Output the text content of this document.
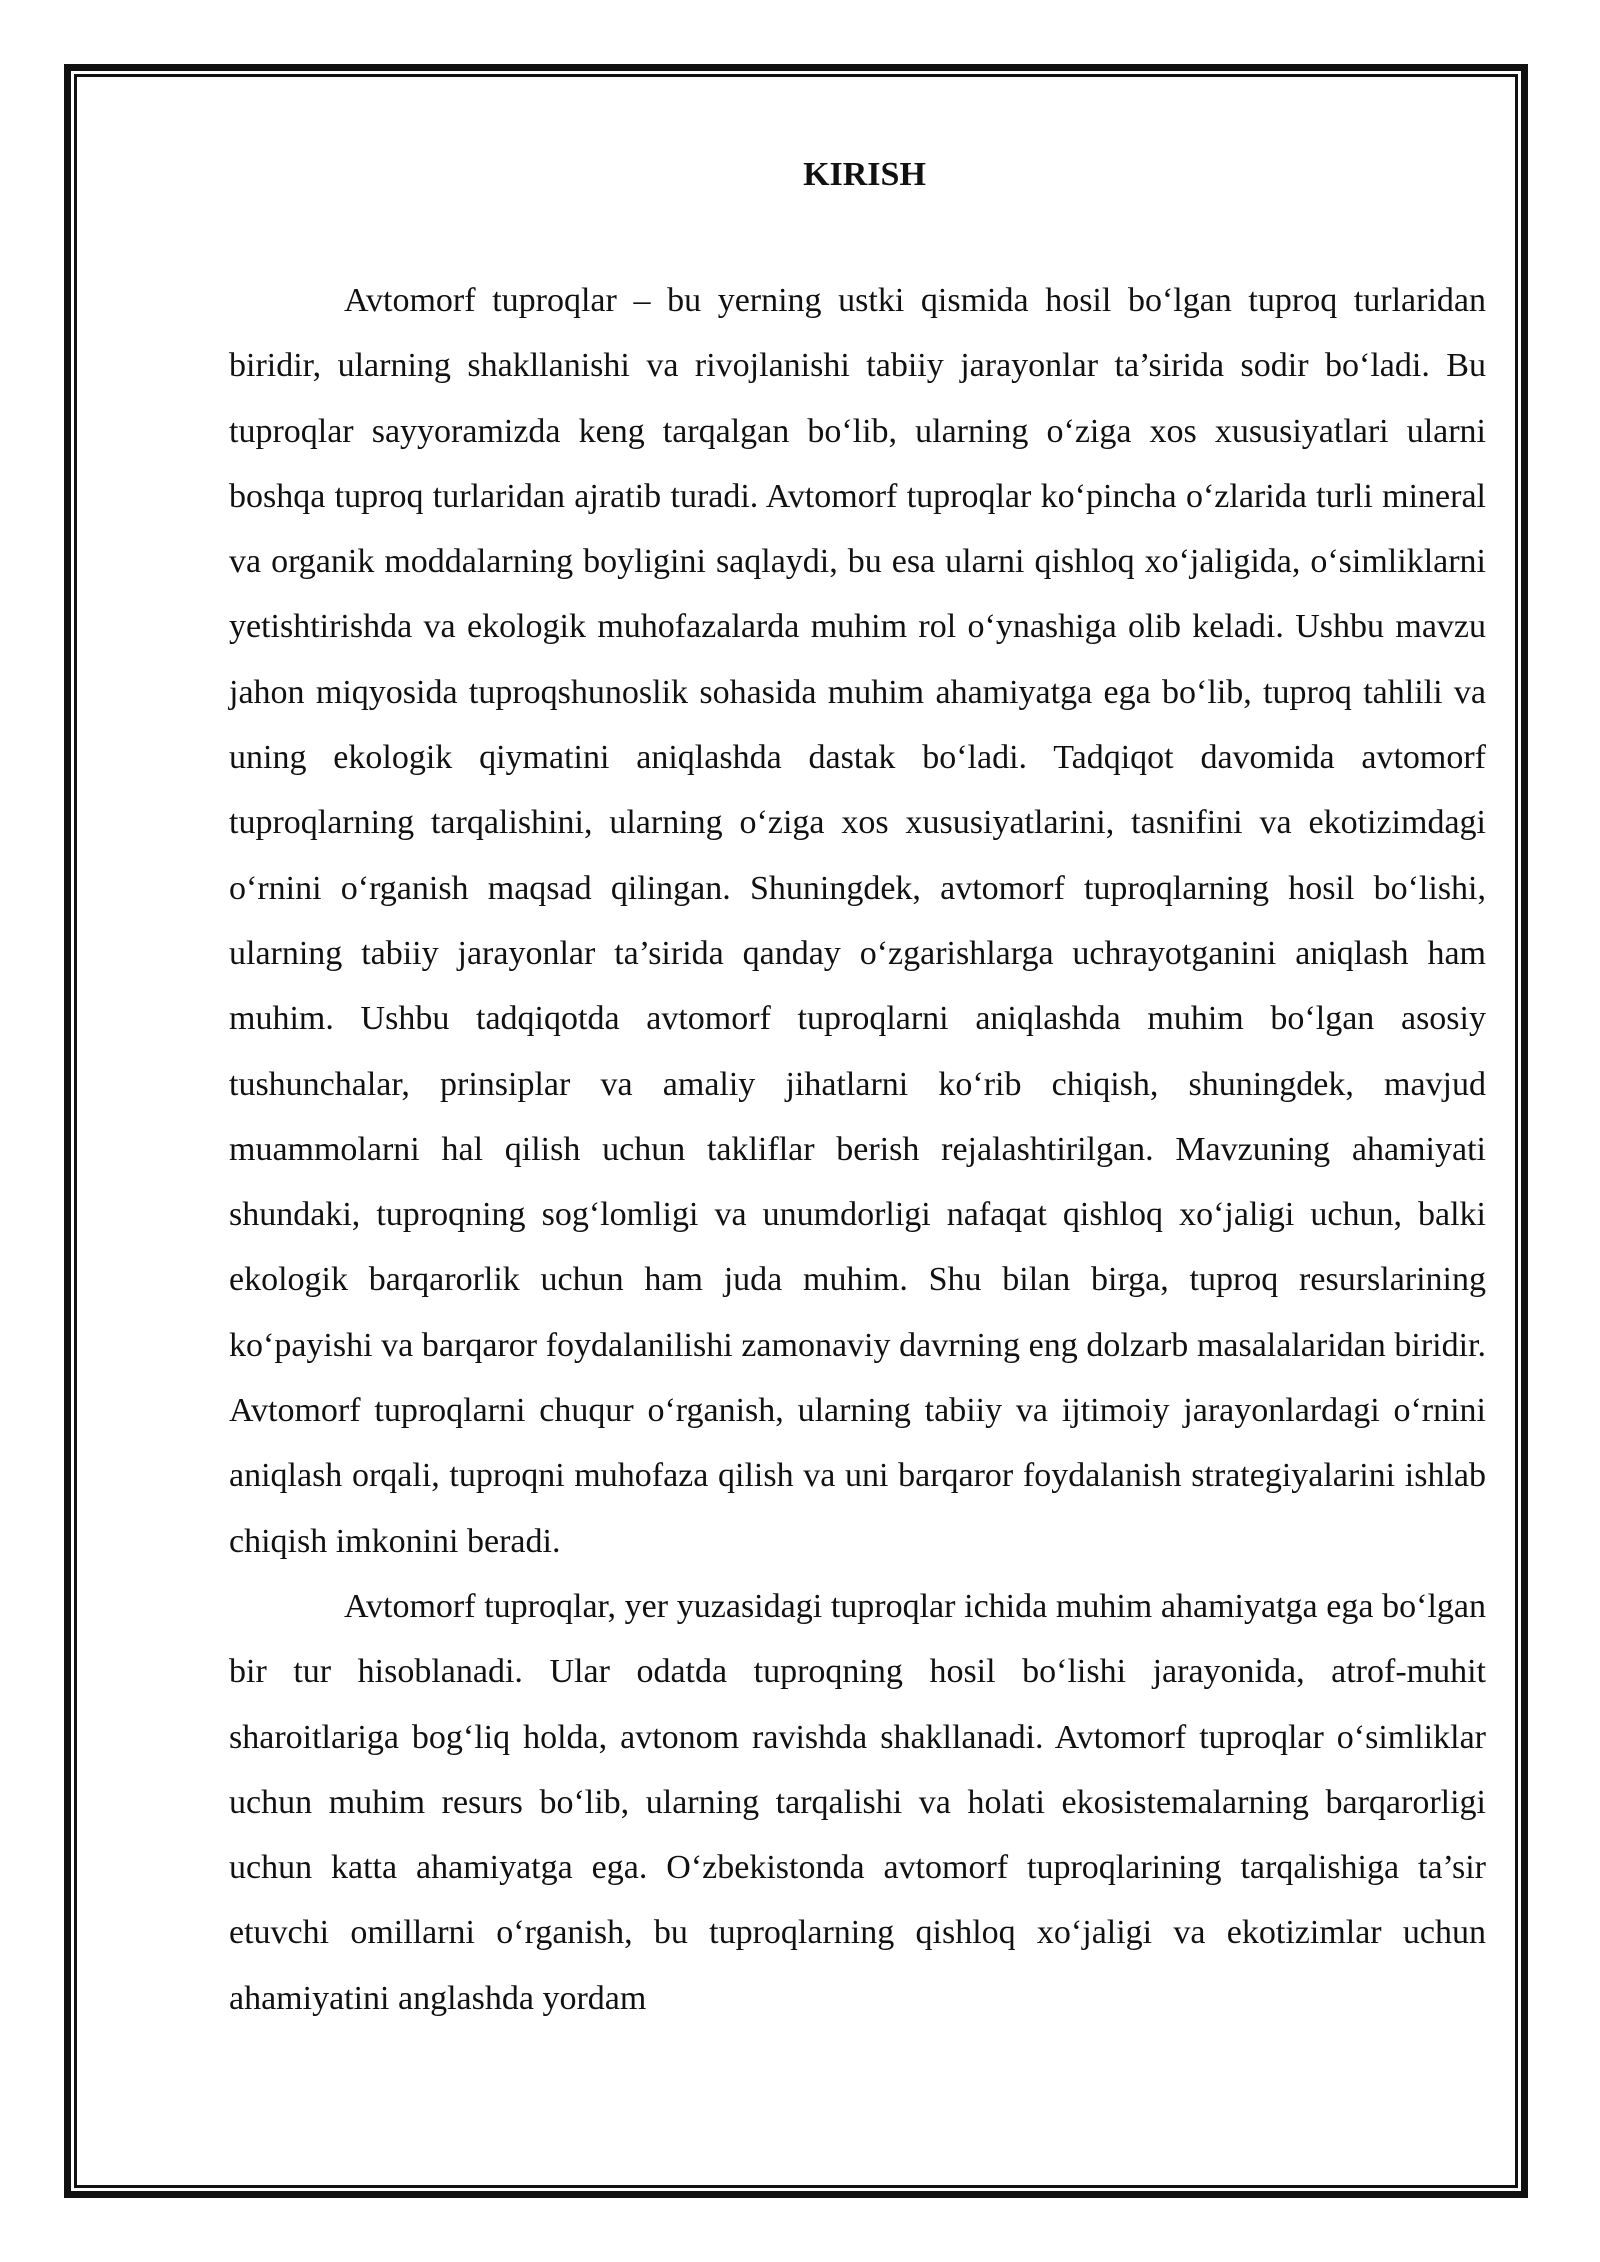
KIRISH

Avtomorf tuproqlar – bu yerning ustki qismida hosil bo‘lgan tuproq turlaridan biridir, ularning shakllanishi va rivojlanishi tabiiy jarayonlar ta’sirida sodir bo‘ladi. Bu tuproqlar sayyoramizda keng tarqalgan bo‘lib, ularning o‘ziga xos xususiyatlari ularni boshqa tuproq turlaridan ajratib turadi. Avtomorf tuproqlar ko‘pincha o‘zlarida turli mineral va organik moddalarning boyligini saqlaydi, bu esa ularni qishloq xo‘jaligida, o‘simliklarni yetishtirishda va ekologik muhofazalarda muhim rol o‘ynashiga olib keladi. Ushbu mavzu jahon miqyosida tuproqshunoslik sohasida muhim ahamiyatga ega bo‘lib, tuproq tahlili va uning ekologik qiymatini aniqlashda dastak bo‘ladi. Tadqiqot davomida avtomorf tuproqlarning tarqalishini, ularning o‘ziga xos xususiyatlarini, tasnifini va ekotizimdagi o‘rnini o‘rganish maqsad qilingan. Shuningdek, avtomorf tuproqlarning hosil bo‘lishi, ularning tabiiy jarayonlar ta’sirida qanday o‘zgarishlarga uchrayotganini aniqlash ham muhim. Ushbu tadqiqotda avtomorf tuproqlarni aniqlashda muhim bo‘lgan asosiy tushunchalar, prinsiplar va amaliy jihatlarni ko‘rib chiqish, shuningdek, mavjud muammolarni hal qilish uchun takliflar berish rejalashtirilgan. Mavzuning ahamiyati shundaki, tuproqning sog‘lomligi va unumdorligi nafaqat qishloq xo‘jaligi uchun, balki ekologik barqarorlik uchun ham juda muhim. Shu bilan birga, tuproq resurslarining ko‘payishi va barqaror foydalanilishi zamonaviy davrning eng dolzarb masalalaridan biridir. Avtomorf tuproqlarni chuqur o‘rganish, ularning tabiiy va ijtimoiy jarayonlardagi o‘rnini aniqlash orqali, tuproqni muhofaza qilish va uni barqaror foydalanish strategiyalarini ishlab chiqish imkonini beradi.

Avtomorf tuproqlar, yer yuzasidagi tuproqlar ichida muhim ahamiyatga ega bo‘lgan bir tur hisoblanadi. Ular odatda tuproqning hosil bo‘lishi jarayonida, atrof-muhit sharoitlariga bog‘liq holda, avtonom ravishda shakllanadi. Avtomorf tuproqlar o‘simliklar uchun muhim resurs bo‘lib, ularning tarqalishi va holati ekosistemalarning barqarorligi uchun katta ahamiyatga ega. O‘zbekistonda avtomorf tuproqlarining tarqalishiga ta’sir etuvchi omillarni o‘rganish, bu tuproqlarning qishloq xo‘jaligi va ekotizimlar uchun ahamiyatini anglashda yordam
